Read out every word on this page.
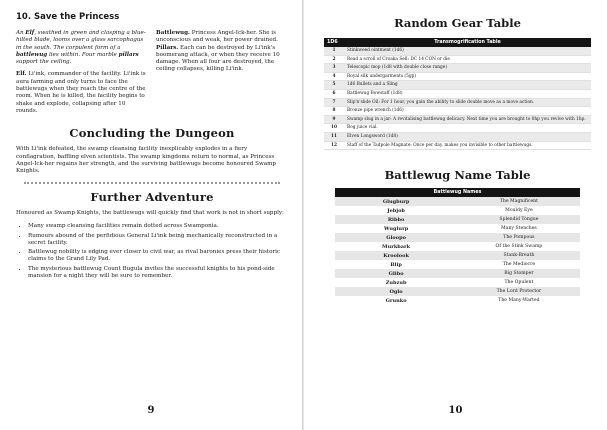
10. Save the Princess

An Elf, swathed in green and clasping a blue-hilted blade, looms over a glass sarcophagus in the south. The corpulent form of a battlewug lies within. Four marble pillars support the ceiling.

Elf. Li'ink, commander of the facility. Li'ink is aura farming and only turns to face the battlewugs when they reach the centre of the room. When he is killed, the facility begins to shake and explode, collapsing after 10 rounds.

Battlewug. Princess Angel-Ick-her. She is unconscious and weak, her power drained.
Pillars. Each can be destroyed by Li'ink's boomerang attack, or when they receive 10 damage. When all four are destroyed, the ceiling collapses, killing Li'ink.

Concluding the Dungeon

With Li'ink defeated, the swamp cleansing facility inexplicably explodes in a fiery conflagration, baffling elven scientists. The swamp kingdoms return to normal, as Princess Angel-Ick-her regains her strength, and the surviving battlewugs become honoured Swamp Knights.

Further Adventure

Honoured as Swamp Knights, the battlewugs will quickly find that work is not in short supply:

• Many swamp cleansing facilities remain dotted across Swamponia.
• Rumours abound of the perfidious General Li'ink being mechanically reconstructed in a secret facility.
• Battlewug nobility is edging ever closer to civil war, as rival baronies press their historic claims to the Grand Lily Pad.
• The mysterious battlewug Count Bugula invites the successful knights to his pond-side mansion for a night they will be sure to remember.
9
Random Gear Table
1D6	Transmogrification Table
1	Stinkweed ointment (1d6)
2	Read a scroll of Croaka Sell: DC 14 CON or die
3	Telescopic mop (1d8 with double close range)
4	Royal silk undergarments (5gp)
5	1d6 Bullets and a Sling
6	Battlewug Bowstaff (1d8)
7	Slip'n'slide Oil: For 1 hour, you gain the ability to slide double move as a move action.
8	Bronze pipe wrench (1d6)
9	Swamp slug in a jar: A revitalising battlewug delicacy. Next time you are brought to 0hp you revive with 1hp.
10	Bog juice vial.
11	Elven Longsword (1d8)
12	Staff of the Tadpole Magnate: Once per day, makes you invisible to other battlewugs.
Battlewug Name Table
Battlewug Names	
Glugburp	The Magnificent
Jebjob	Mouldy Eye
Ribbo	Splendid Tongue
Wuglurp	Many Stenches
Gloopo	The Pompous
Murkbark	Of the Stink Swamp
Kroolook	Stank-Breath
Blip	The Mediocre
Glibo	Big Stomper
Zubzub	The Opulent
Oglo	The Lord Protector
Grunko	The Many-Warted
10
